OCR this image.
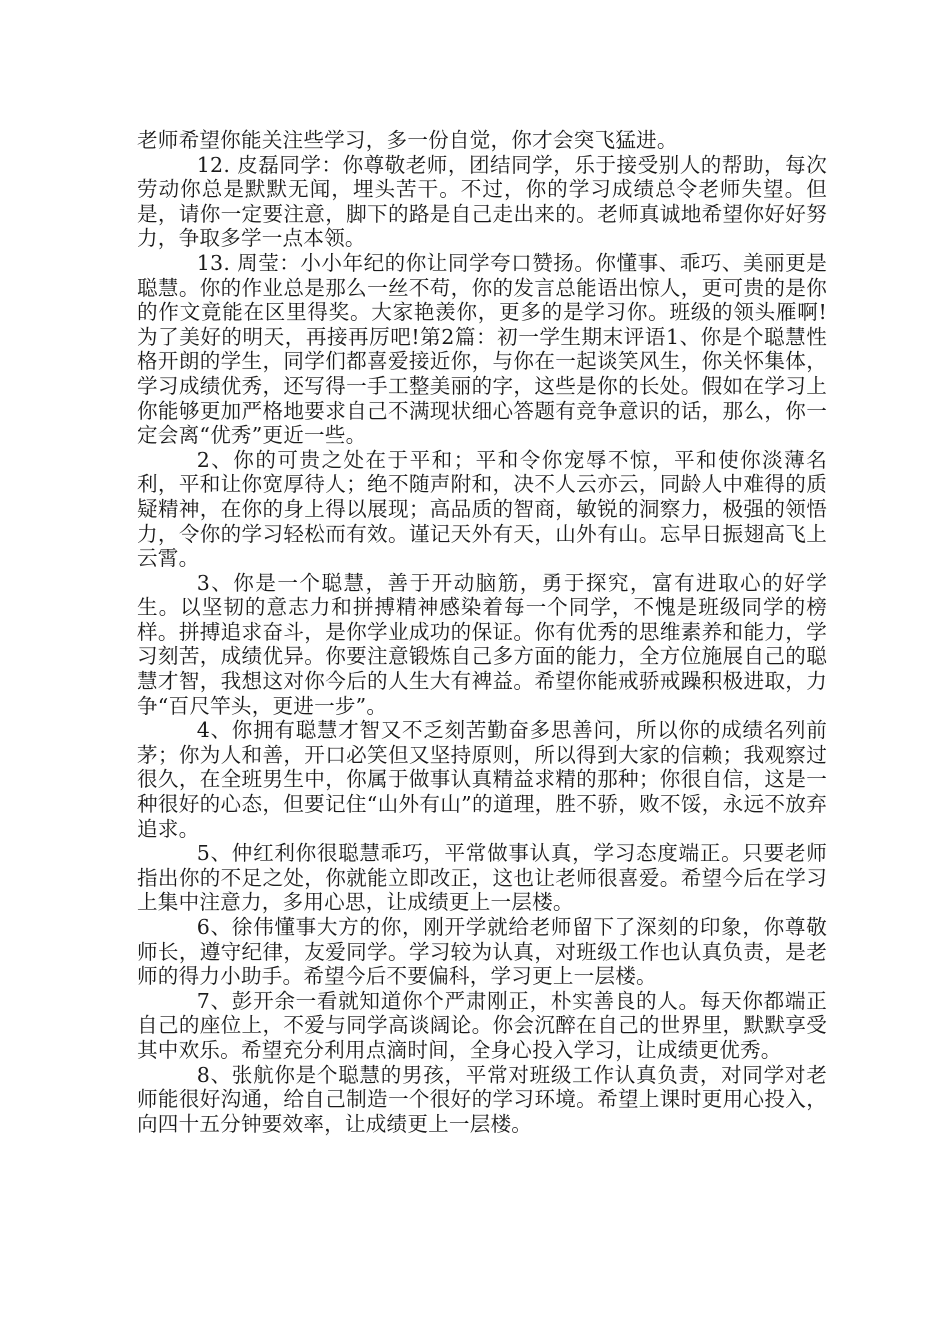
老师希望你能关注些学习，多一份自觉，你才会突飞猛进。

12. 皮磊同学：你尊敬老师，团结同学，乐于接受别人的帮助，每次劳动你总是默默无闻，埋头苦干。不过，你的学习成绩总令老师失望。但是，请你一定要注意，脚下的路是自己走出来的。老师真诚地希望你好好努力，争取多学一点本领。

13. 周莹：小小年纪的你让同学夸口赞扬。你懂事、乖巧、美丽更是聪慧。你的作业总是那么一丝不苟，你的发言总能语出惊人，更可贵的是你的作文竟能在区里得奖。大家艳羡你，更多的是学习你。班级的领头雁啊!为了美好的明天，再接再厉吧!第2篇：初一学生期末评语1、你是个聪慧性格开朗的学生，同学们都喜爱接近你，与你在一起谈笑风生，你关怀集体，学习成绩优秀，还写得一手工整美丽的字，这些是你的长处。假如在学习上你能够更加严格地要求自己不满现状细心答题有竞争意识的话，那么，你一定会离“优秀”更近一些。

2、你的可贵之处在于平和；平和令你宠辱不惊，平和使你淡薄名利，平和让你宽厚待人；绝不随声附和，决不人云亦云，同龄人中难得的质疑精神，在你的身上得以展现；高品质的智商，敏锐的洞察力，极强的领悟力，令你的学习轻松而有效。谨记天外有天，山外有山。忘早日振翅高飞上云霄。

3、你是一个聪慧，善于开动脑筋，勇于探究，富有进取心的好学生。以坚韧的意志力和拼搏精神感染着每一个同学，不愧是班级同学的榜样。拼搏追求奋斗，是你学业成功的保证。你有优秀的思维素养和能力，学习刻苦，成绩优异。你要注意锻炼自己多方面的能力，全方位施展自己的聪慧才智，我想这对你今后的人生大有裨益。希望你能戒骄戒躁积极进取，力争“百尺竿头，更进一步”。

4、你拥有聪慧才智又不乏刻苦勤奋多思善问，所以你的成绩名列前茅；你为人和善，开口必笑但又坚持原则，所以得到大家的信赖；我观察过很久，在全班男生中，你属于做事认真精益求精的那种；你很自信，这是一种很好的心态，但要记住“山外有山”的道理，胜不骄，败不馁，永远不放弃追求。

5、仲红利你很聪慧乖巧，平常做事认真，学习态度端正。只要老师指出你的不足之处，你就能立即改正，这也让老师很喜爱。希望今后在学习上集中注意力，多用心思，让成绩更上一层楼。

6、徐伟懂事大方的你，刚开学就给老师留下了深刻的印象，你尊敬师长，遵守纪律，友爱同学。学习较为认真，对班级工作也认真负责，是老师的得力小助手。希望今后不要偏科，学习更上一层楼。

7、彭开余一看就知道你个严肃刚正，朴实善良的人。每天你都端正自己的座位上，不爱与同学高谈阔论。你会沉醉在自己的世界里，默默享受其中欢乐。希望充分利用点滴时间，全身心投入学习，让成绩更优秀。

8、张航你是个聪慧的男孩，平常对班级工作认真负责，对同学对老师能很好沟通，给自己制造一个很好的学习环境。希望上课时更用心投入，向四十五分钟要效率，让成绩更上一层楼。
